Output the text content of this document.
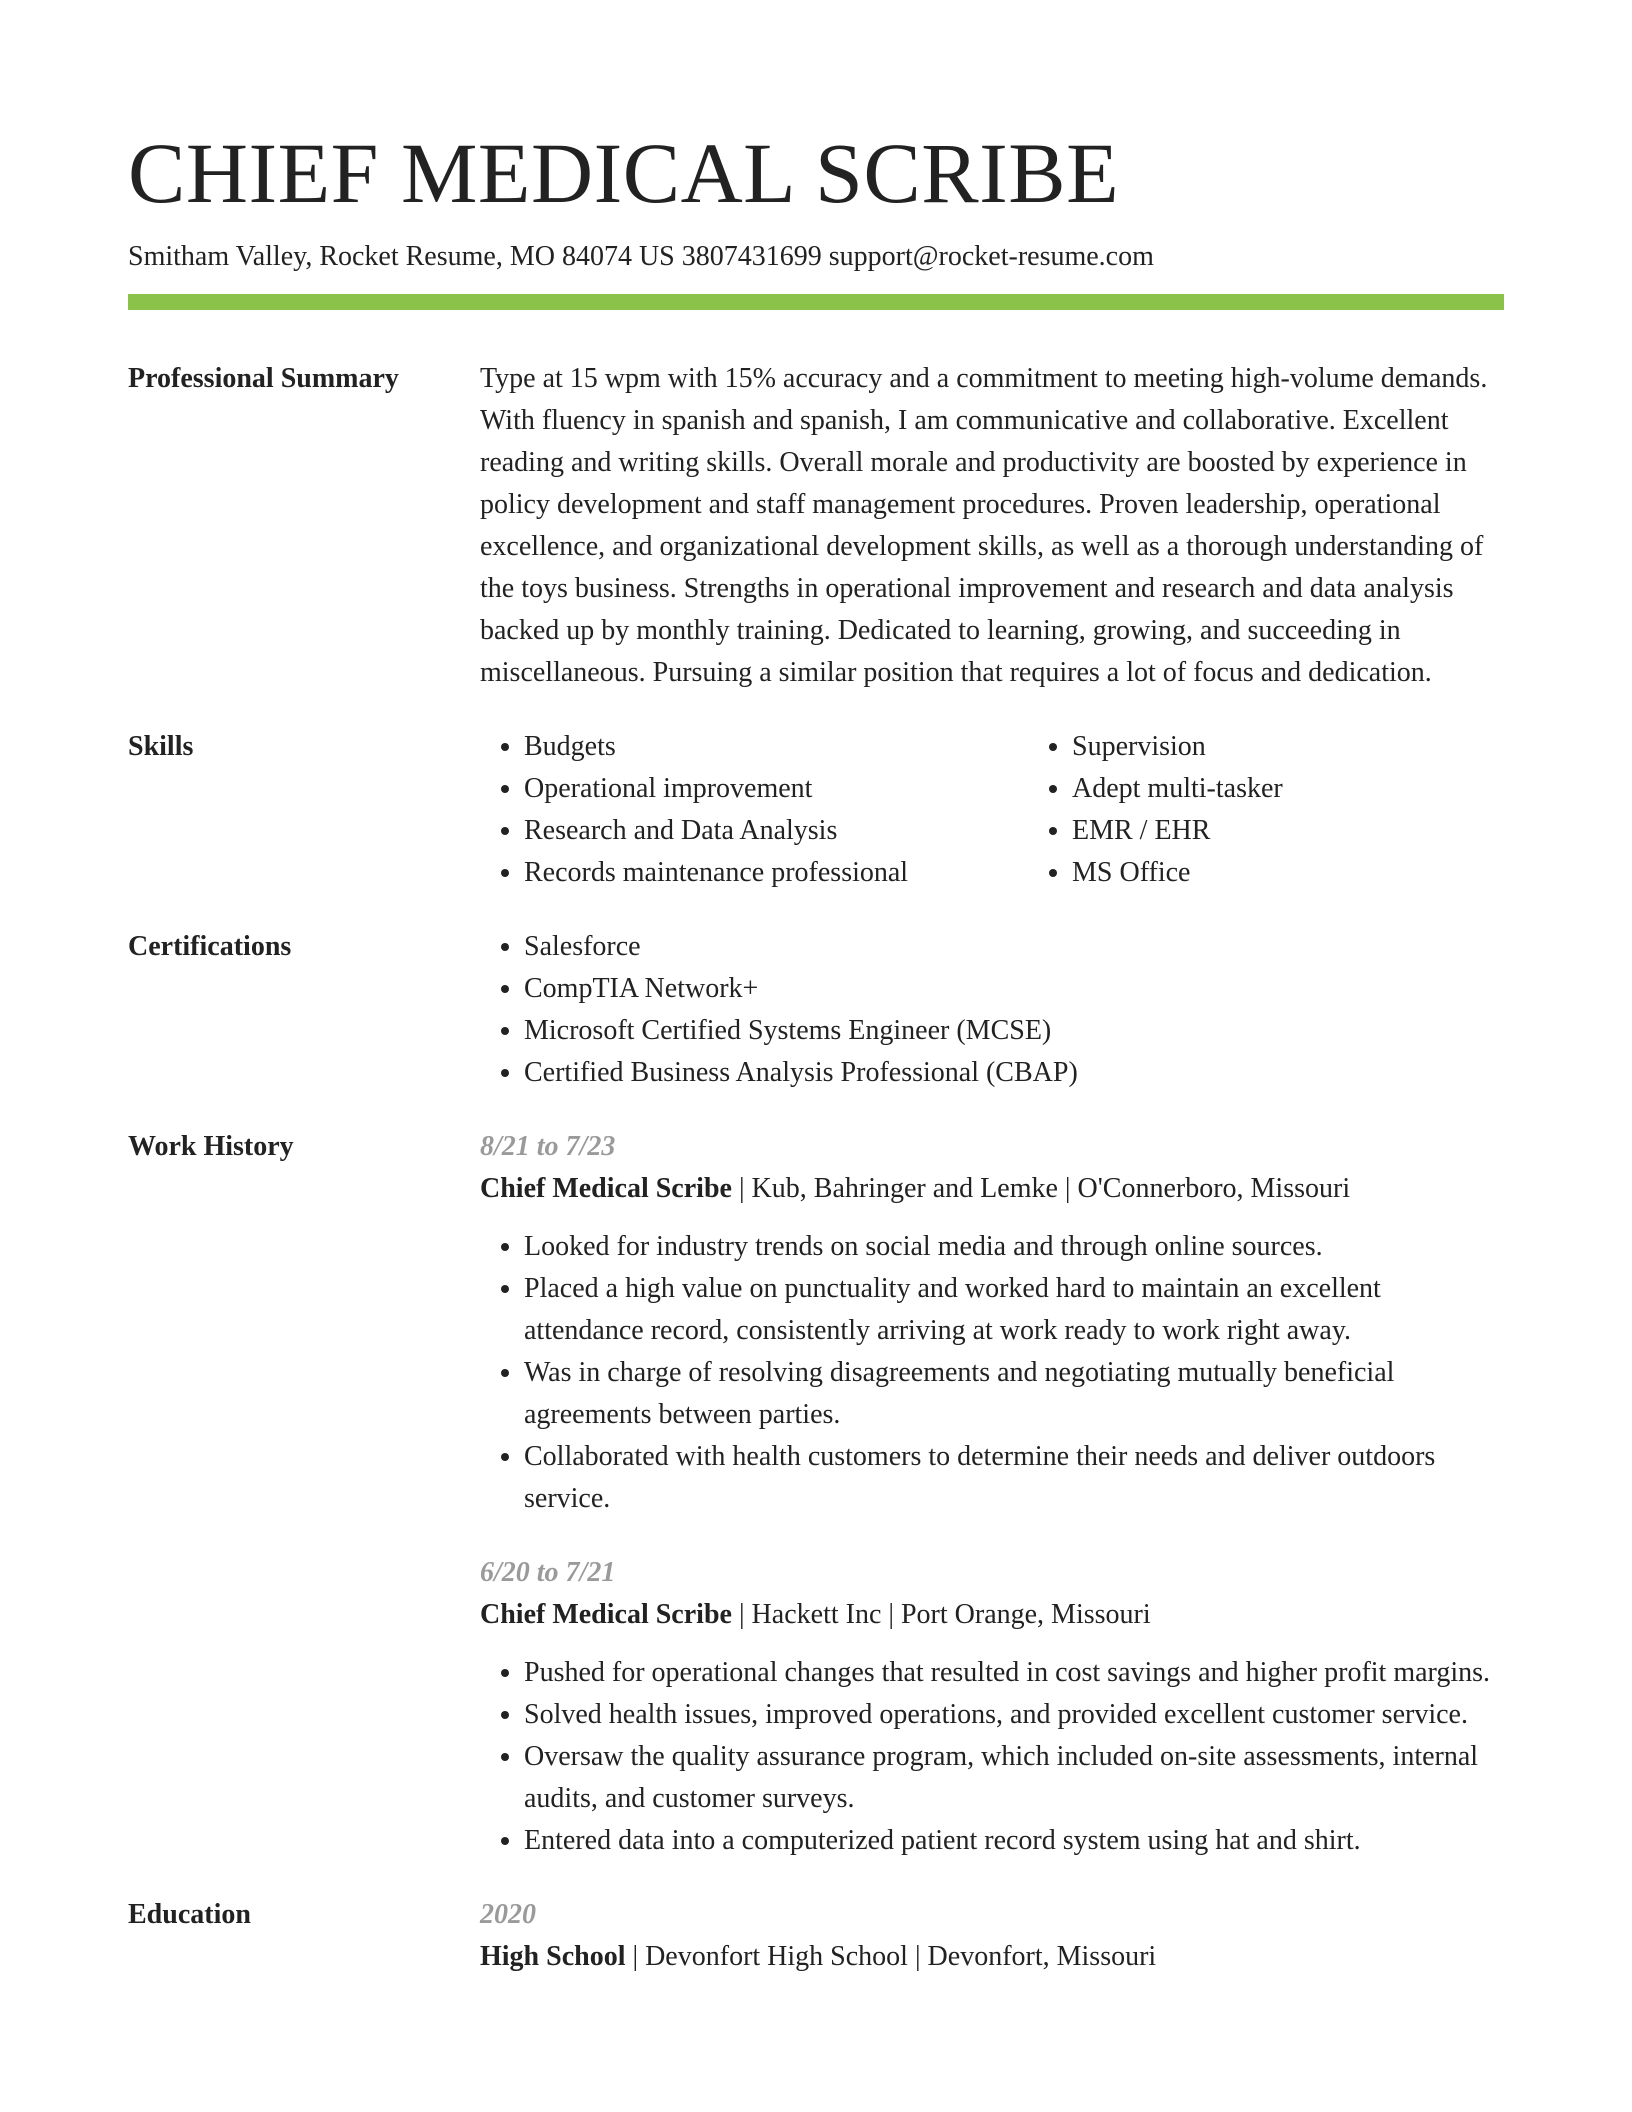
CHIEF MEDICAL SCRIBE
Smitham Valley, Rocket Resume, MO 84074 US 3807431699 support@rocket-resume.com
Professional Summary	Type at 15 wpm with 15% accuracy and a commitment to meeting high-volume demands. With fluency in spanish and spanish, I am communicative and collaborative. Excellent reading and writing skills. Overall morale and productivity are boosted by experience in policy development and staff management procedures. Proven leadership, operational excellence, and organizational development skills, as well as a thorough understanding of the toys business. Strengths in operational improvement and research and data analysis backed up by monthly training. Dedicated to learning, growing, and succeeding in miscellaneous. Pursuing a similar position that requires a lot of focus and dedication.
Skills	• Budgets
• Operational improvement
• Research and Data Analysis
• Records maintenance professional
• Supervision
• Adept multi-tasker
• EMR / EHR
• MS Office
Certifications	• Salesforce
• CompTIA Network+
• Microsoft Certified Systems Engineer (MCSE)
• Certified Business Analysis Professional (CBAP)
Work History	8/21 to 7/23
Chief Medical Scribe | Kub, Bahringer and Lemke | O'Connerboro, Missouri
• Looked for industry trends on social media and through online sources.
• Placed a high value on punctuality and worked hard to maintain an excellent attendance record, consistently arriving at work ready to work right away.
• Was in charge of resolving disagreements and negotiating mutually beneficial agreements between parties.
• Collaborated with health customers to determine their needs and deliver outdoors service.
6/20 to 7/21
Chief Medical Scribe | Hackett Inc | Port Orange, Missouri
• Pushed for operational changes that resulted in cost savings and higher profit margins.
• Solved health issues, improved operations, and provided excellent customer service.
• Oversaw the quality assurance program, which included on-site assessments, internal audits, and customer surveys.
• Entered data into a computerized patient record system using hat and shirt.
Education	2020
High School | Devonfort High School | Devonfort, Missouri
